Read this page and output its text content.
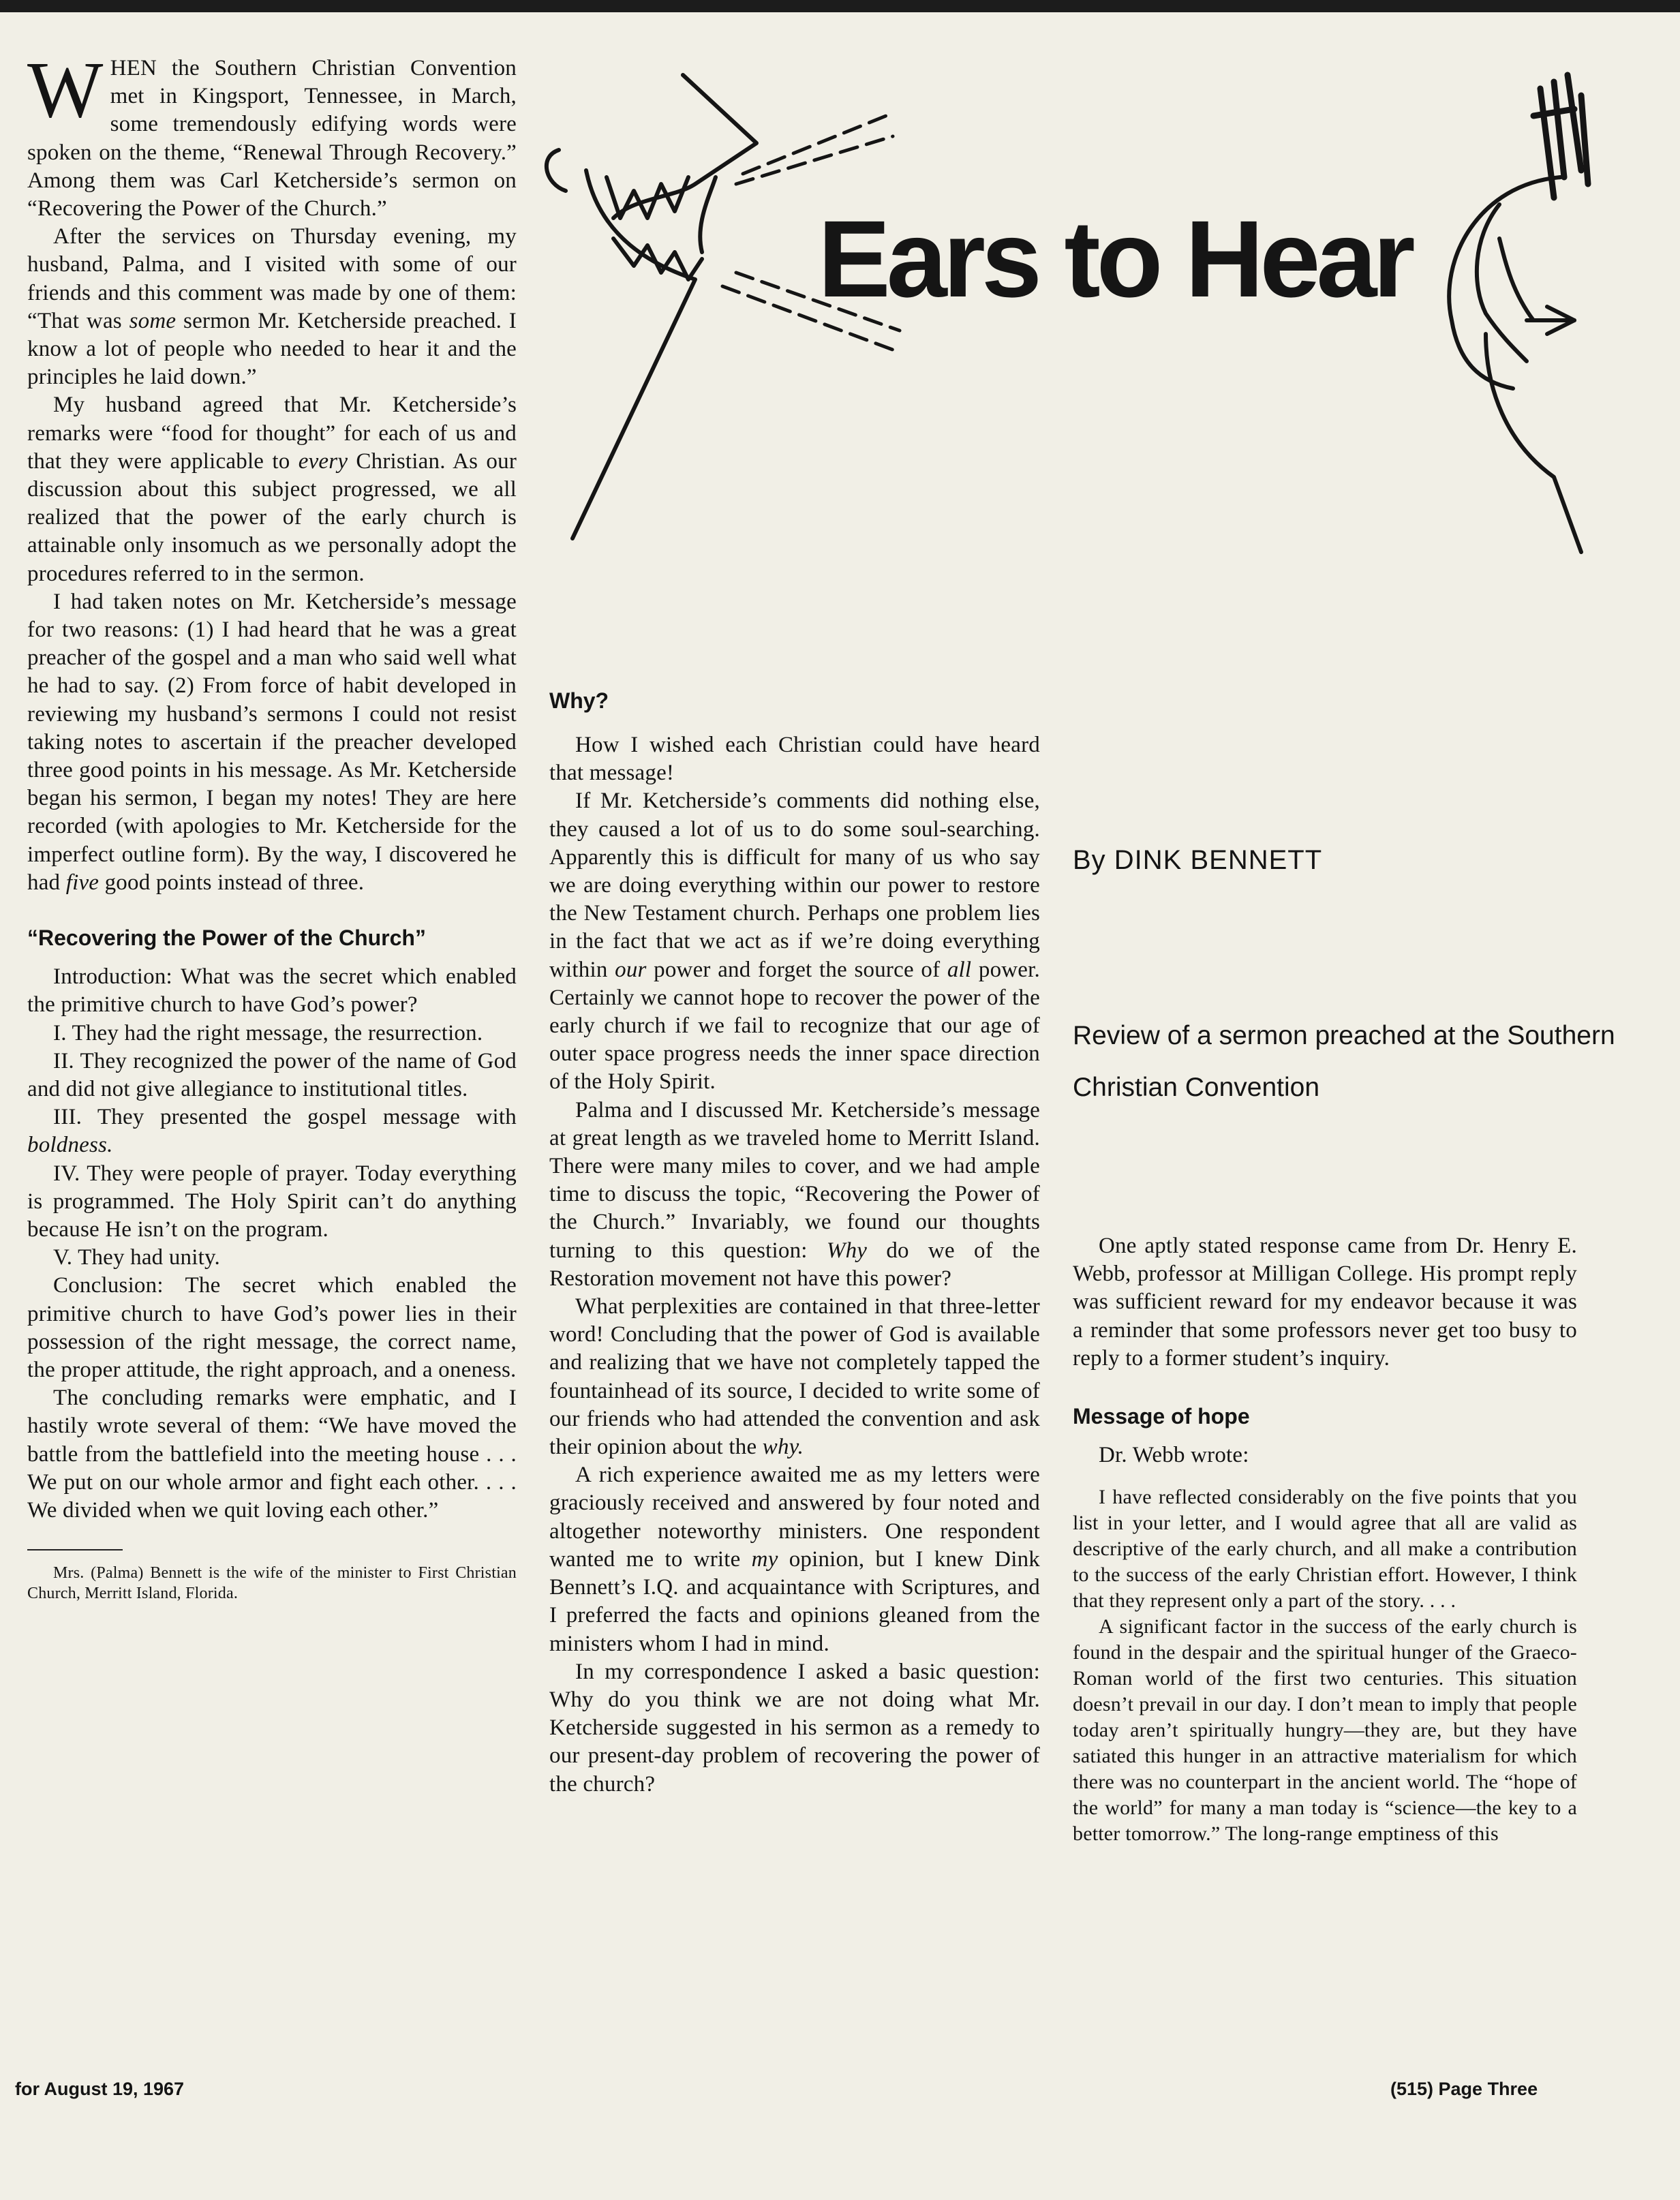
Ears to Hear
By DINK BENNETT
Review of a sermon preached at the Southern Christian Convention

WHEN the Southern Christian Convention met in Kingsport, Tennessee, in March, some tremendously edifying words were spoken on the theme, “Renewal Through Recovery.” Among them was Carl Ketcherside’s sermon on “Recovering the Power of the Church.”

After the services on Thursday evening, my husband, Palma, and I visited with some of our friends and this comment was made by one of them: “That was some sermon Mr. Ketcherside preached. I know a lot of people who needed to hear it and the principles he laid down.”

My husband agreed that Mr. Ketcherside’s remarks were “food for thought” for each of us and that they were applicable to every Christian. As our discussion about this subject progressed, we all realized that the power of the early church is attainable only insomuch as we personally adopt the procedures referred to in the sermon.

I had taken notes on Mr. Ketcherside’s message for two reasons: (1) I had heard that he was a great preacher of the gospel and a man who said well what he had to say. (2) From force of habit developed in reviewing my husband’s sermons I could not resist taking notes to ascertain if the preacher developed three good points in his message. As Mr. Ketcherside began his sermon, I began my notes! They are here recorded (with apologies to Mr. Ketcherside for the imperfect outline form). By the way, I discovered he had five good points instead of three.

“Recovering the Power of the Church”

Introduction: What was the secret which enabled the primitive church to have God’s power?

I. They had the right message, the resurrection.

II. They recognized the power of the name of God and did not give allegiance to institutional titles.

III. They presented the gospel message with boldness.

IV. They were people of prayer. Today everything is programmed. The Holy Spirit can’t do anything because He isn’t on the program.

V. They had unity.

Conclusion: The secret which enabled the primitive church to have God’s power lies in their possession of the right message, the correct name, the proper attitude, the right approach, and a oneness.

The concluding remarks were emphatic, and I hastily wrote several of them: “We have moved the battle from the battlefield into the meeting house . . . We put on our whole armor and fight each other. . . . We divided when we quit loving each other.”

Mrs. (Palma) Bennett is the wife of the minister to First Christian Church, Merritt Island, Florida.

Why?

How I wished each Christian could have heard that message!

If Mr. Ketcherside’s comments did nothing else, they caused a lot of us to do some soul-searching. Apparently this is difficult for many of us who say we are doing everything within our power to restore the New Testament church. Perhaps one problem lies in the fact that we act as if we’re doing everything within our power and forget the source of all power. Certainly we cannot hope to recover the power of the early church if we fail to recognize that our age of outer space progress needs the inner space direction of the Holy Spirit.

Palma and I discussed Mr. Ketcherside’s message at great length as we traveled home to Merritt Island. There were many miles to cover, and we had ample time to discuss the topic, “Recovering the Power of the Church.” Invariably, we found our thoughts turning to this question: Why do we of the Restoration movement not have this power?

What perplexities are contained in that three-letter word! Concluding that the power of God is available and realizing that we have not completely tapped the fountainhead of its source, I decided to write some of our friends who had attended the convention and ask their opinion about the why.

A rich experience awaited me as my letters were graciously received and answered by four noted and altogether noteworthy ministers. One respondent wanted me to write my opinion, but I knew Dink Bennett’s I.Q. and acquaintance with Scriptures, and I preferred the facts and opinions gleaned from the ministers whom I had in mind.

In my correspondence I asked a basic question: Why do you think we are not doing what Mr. Ketcherside suggested in his sermon as a remedy to our present-day problem of recovering the power of the church?

One aptly stated response came from Dr. Henry E. Webb, professor at Milligan College. His prompt reply was sufficient reward for my endeavor because it was a reminder that some professors never get too busy to reply to a former student’s inquiry.

Message of hope

Dr. Webb wrote:

I have reflected considerably on the five points that you list in your letter, and I would agree that all are valid as descriptive of the early church, and all make a contribution to the success of the early Christian effort. However, I think that they represent only a part of the story. . . .

A significant factor in the success of the early church is found in the despair and the spiritual hunger of the Graeco-Roman world of the first two centuries. This situation doesn’t prevail in our day. I don’t mean to imply that people today aren’t spiritually hungry—they are, but they have satiated this hunger in an attractive materialism for which there was no counterpart in the ancient world. The “hope of the world” for many a man today is “science—the key to a better tomorrow.” The long-range emptiness of this

for August 19, 1967	(515) Page Three
